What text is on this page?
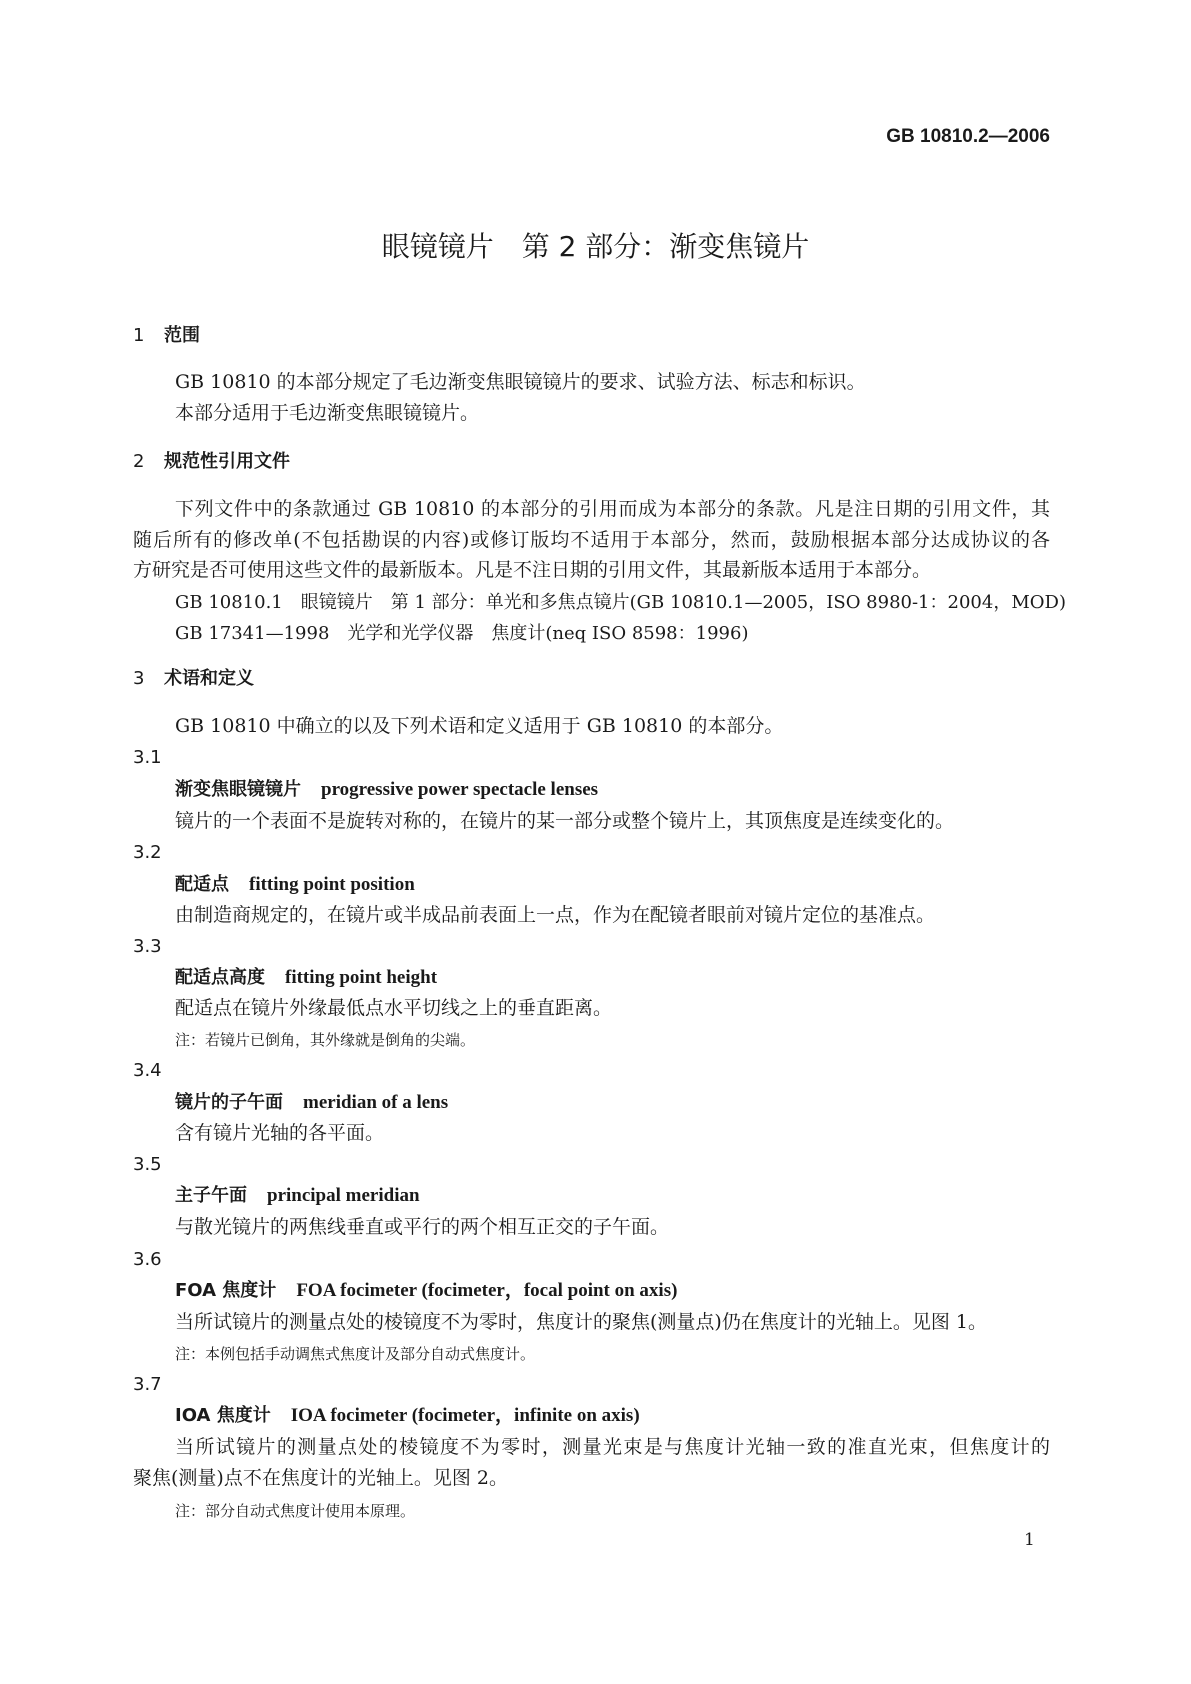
GB 10810.2—2006
眼镜镜片　第 2 部分：渐变焦镜片
1 范围
GB 10810 的本部分规定了毛边渐变焦眼镜镜片的要求、试验方法、标志和标识。
本部分适用于毛边渐变焦眼镜镜片。
2 规范性引用文件
下列文件中的条款通过 GB 10810 的本部分的引用而成为本部分的条款。凡是注日期的引用文件，其
随后所有的修改单(不包括勘误的内容)或修订版均不适用于本部分，然而，鼓励根据本部分达成协议的各
方研究是否可使用这些文件的最新版本。凡是不注日期的引用文件，其最新版本适用于本部分。
GB 10810.1　眼镜镜片　第 1 部分：单光和多焦点镜片(GB 10810.1—2005，ISO 8980-1：2004，MOD)
GB 17341—1998　光学和光学仪器　焦度计(neq ISO 8598：1996)
3 术语和定义
GB 10810 中确立的以及下列术语和定义适用于 GB 10810 的本部分。
3.1
渐变焦眼镜镜片 progressive power spectacle lenses
镜片的一个表面不是旋转对称的，在镜片的某一部分或整个镜片上，其顶焦度是连续变化的。
3.2
配适点 fitting point position
由制造商规定的，在镜片或半成品前表面上一点，作为在配镜者眼前对镜片定位的基准点。
3.3
配适点高度 fitting point height
配适点在镜片外缘最低点水平切线之上的垂直距离。
注：若镜片已倒角，其外缘就是倒角的尖端。
3.4
镜片的子午面 meridian of a lens
含有镜片光轴的各平面。
3.5
主子午面 principal meridian
与散光镜片的两焦线垂直或平行的两个相互正交的子午面。
3.6
FOA 焦度计 FOA focimeter (focimeter，focal point on axis)
当所试镜片的测量点处的棱镜度不为零时，焦度计的聚焦(测量点)仍在焦度计的光轴上。见图 1。
注：本例包括手动调焦式焦度计及部分自动式焦度计。
3.7
IOA 焦度计 IOA focimeter (focimeter，infinite on axis)
当所试镜片的测量点处的棱镜度不为零时，测量光束是与焦度计光轴一致的准直光束，但焦度计的
聚焦(测量)点不在焦度计的光轴上。见图 2。
注：部分自动式焦度计使用本原理。
1
